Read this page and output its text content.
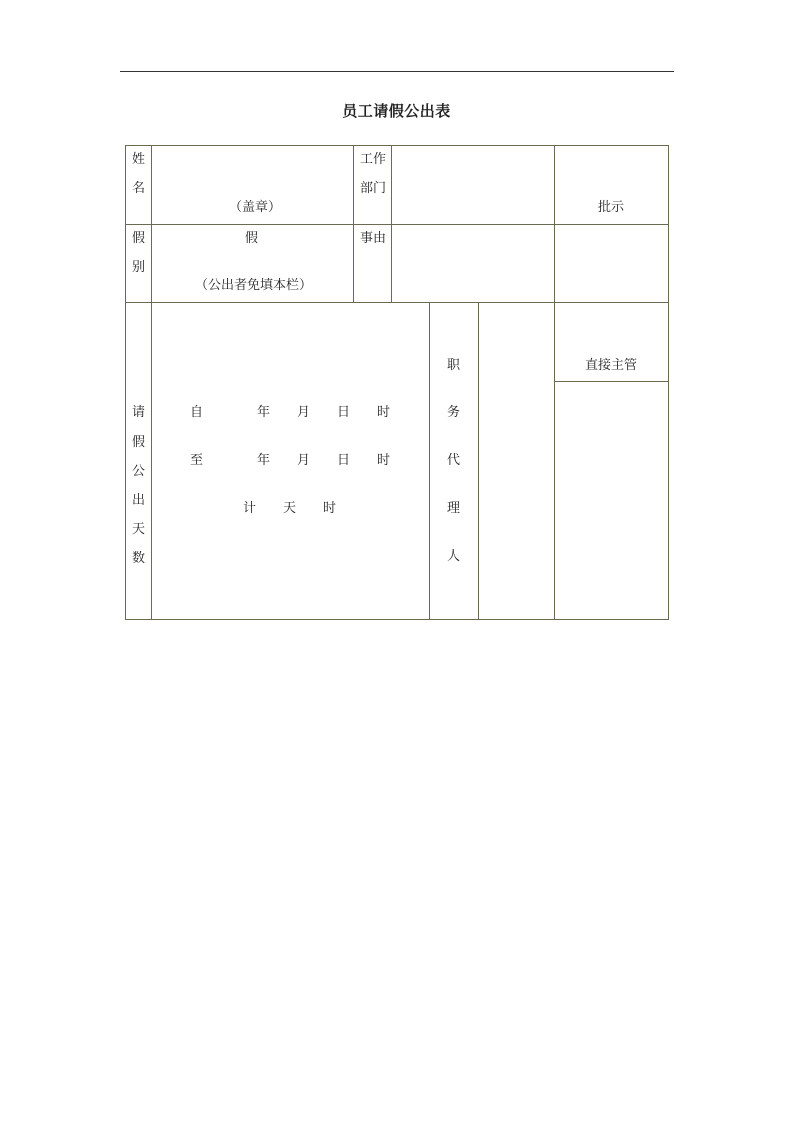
员工请假公出表
姓
名
（盖章）
工作
部门
批示
假
别
假
（公出者免填本栏）
事由
请
假
公
出
天
数
自	年 月 日 时
至	年 月 日 时
计 天 时
职
务
代
理
人
直接主管
